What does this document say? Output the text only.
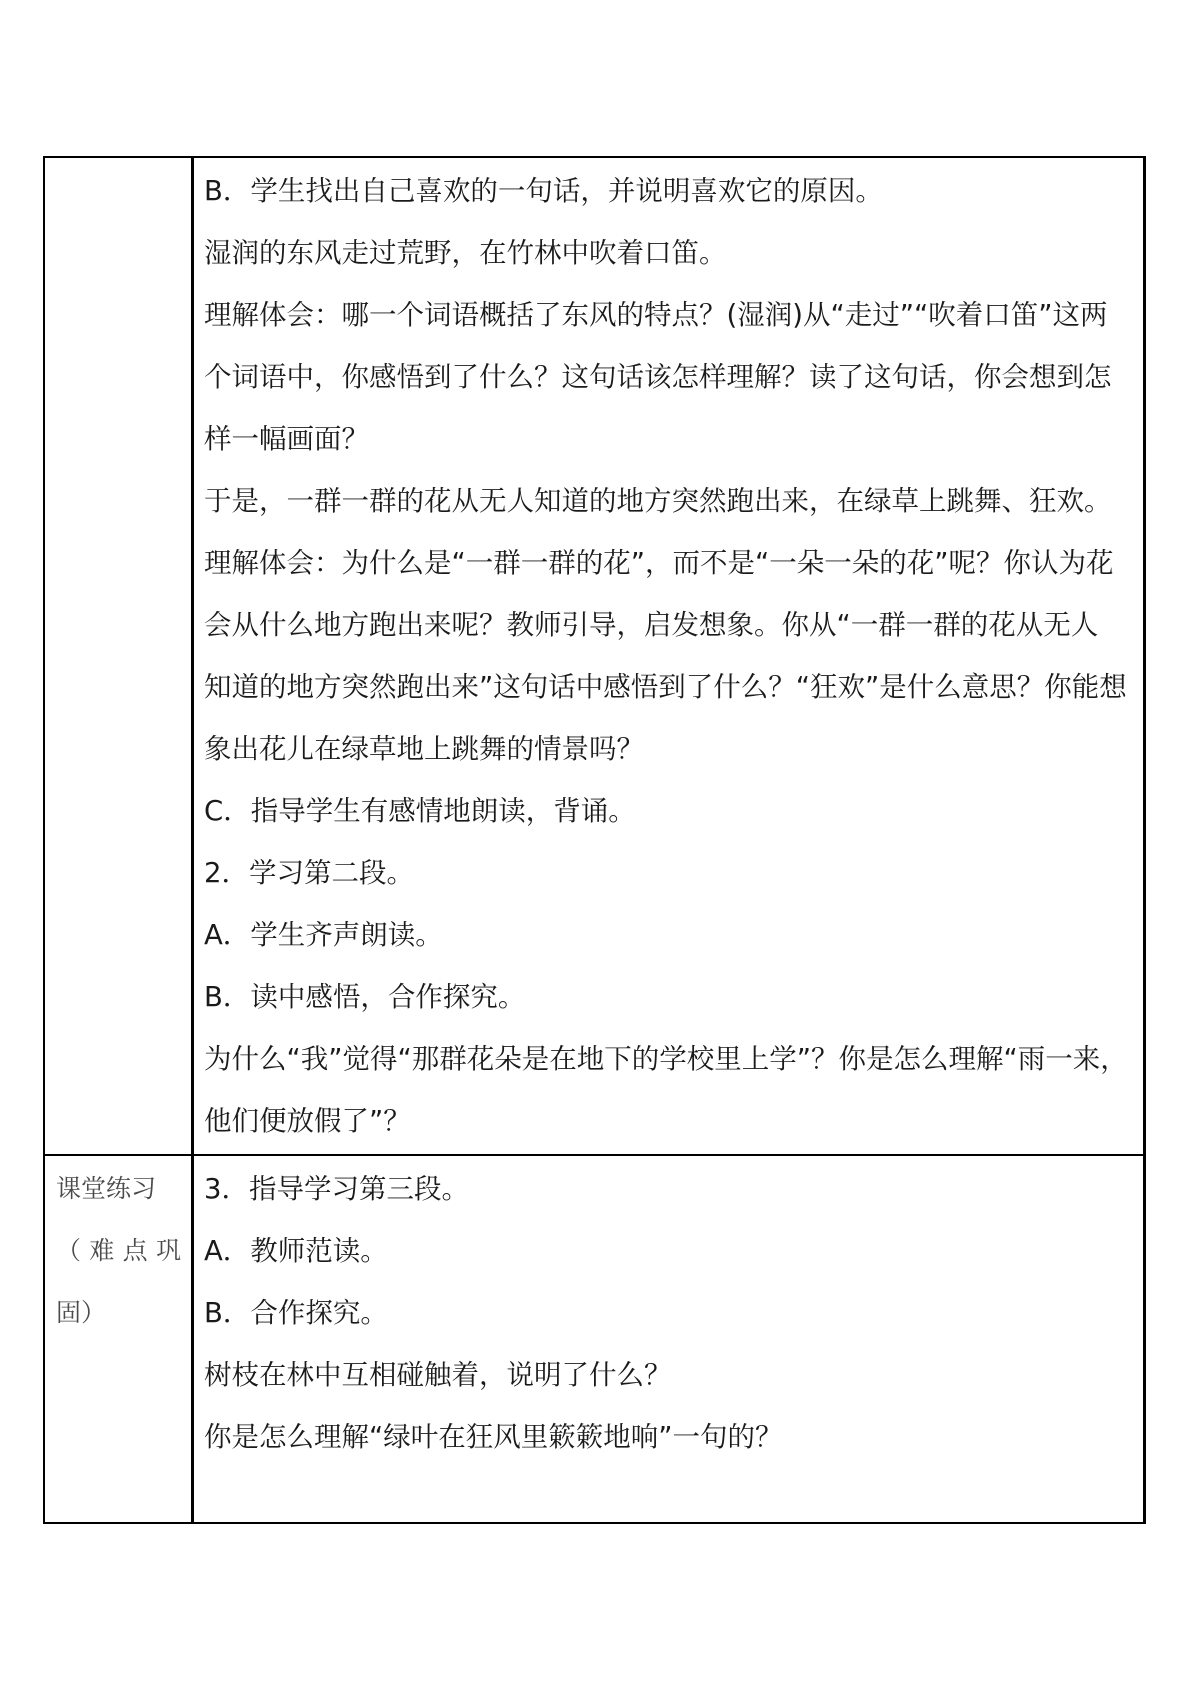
B．学生找出自己喜欢的一句话，并说明喜欢它的原因。
湿润的东风走过荒野，在竹林中吹着口笛。
理解体会：哪一个词语概括了东风的特点？(湿润)从“走过”“吹着口笛”这两
个词语中，你感悟到了什么？这句话该怎样理解？读了这句话，你会想到怎
样一幅画面？
于是，一群一群的花从无人知道的地方突然跑出来，在绿草上跳舞、狂欢。
理解体会：为什么是“一群一群的花”，而不是“一朵一朵的花”呢？你认为花
会从什么地方跑出来呢？教师引导，启发想象。你从“一群一群的花从无人
知道的地方突然跑出来”这句话中感悟到了什么？“狂欢”是什么意思？你能想
象出花儿在绿草地上跳舞的情景吗？
C．指导学生有感情地朗读，背诵。
2．学习第二段。
A．学生齐声朗读。
B．读中感悟，合作探究。
为什么“我”觉得“那群花朵是在地下的学校里上学”？你是怎么理解“雨一来，
他们便放假了”？
课堂练习
（难点巩
固）
3．指导学习第三段。
A．教师范读。
B．合作探究。
树枝在林中互相碰触着，说明了什么？
你是怎么理解“绿叶在狂风里簌簌地响”一句的？
